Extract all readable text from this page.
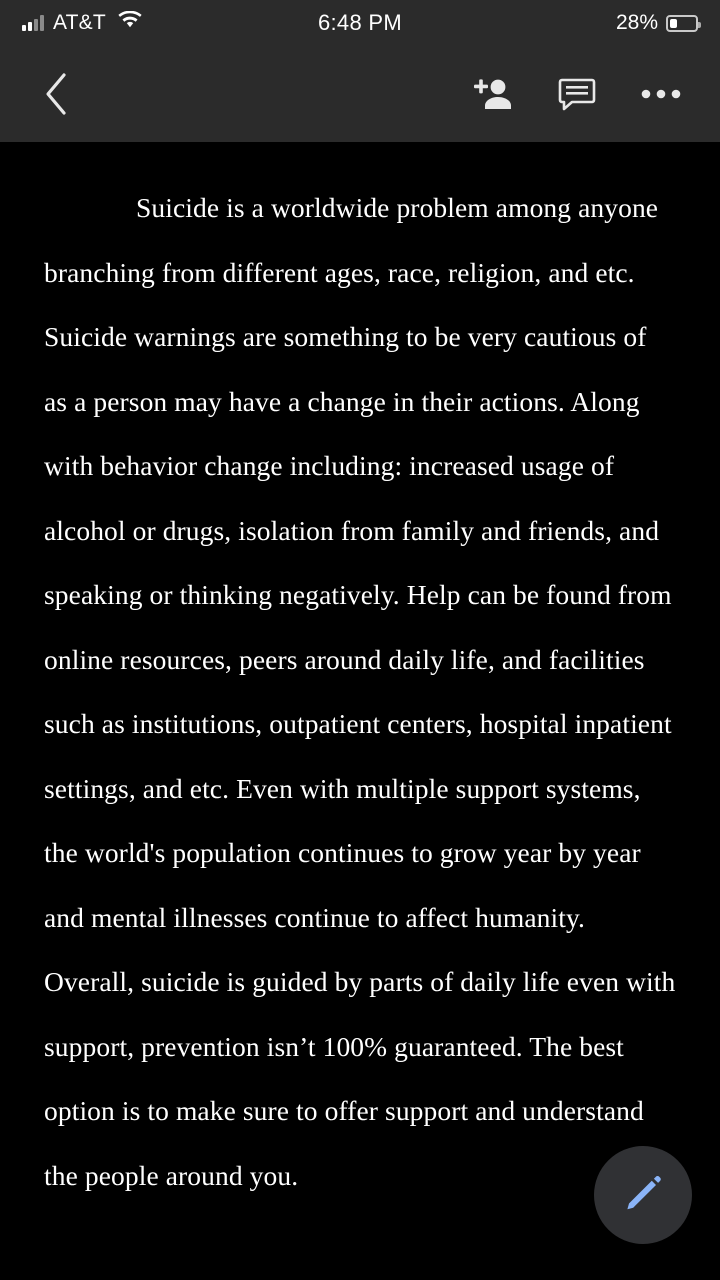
AT&T	6:48 PM	28%

Suicide is a worldwide problem among anyone branching from different ages, race, religion, and etc. Suicide warnings are something to be very cautious of as a person may have a change in their actions. Along with behavior change including: increased usage of alcohol or drugs, isolation from family and friends, and speaking or thinking negatively. Help can be found from online resources, peers around daily life, and facilities such as institutions, outpatient centers, hospital inpatient settings, and etc. Even with multiple support systems, the world's population continues to grow year by year and mental illnesses continue to affect humanity. Overall, suicide is guided by parts of daily life even with support, prevention isn’t 100% guaranteed. The best option is to make sure to offer support and understand the people around you.
